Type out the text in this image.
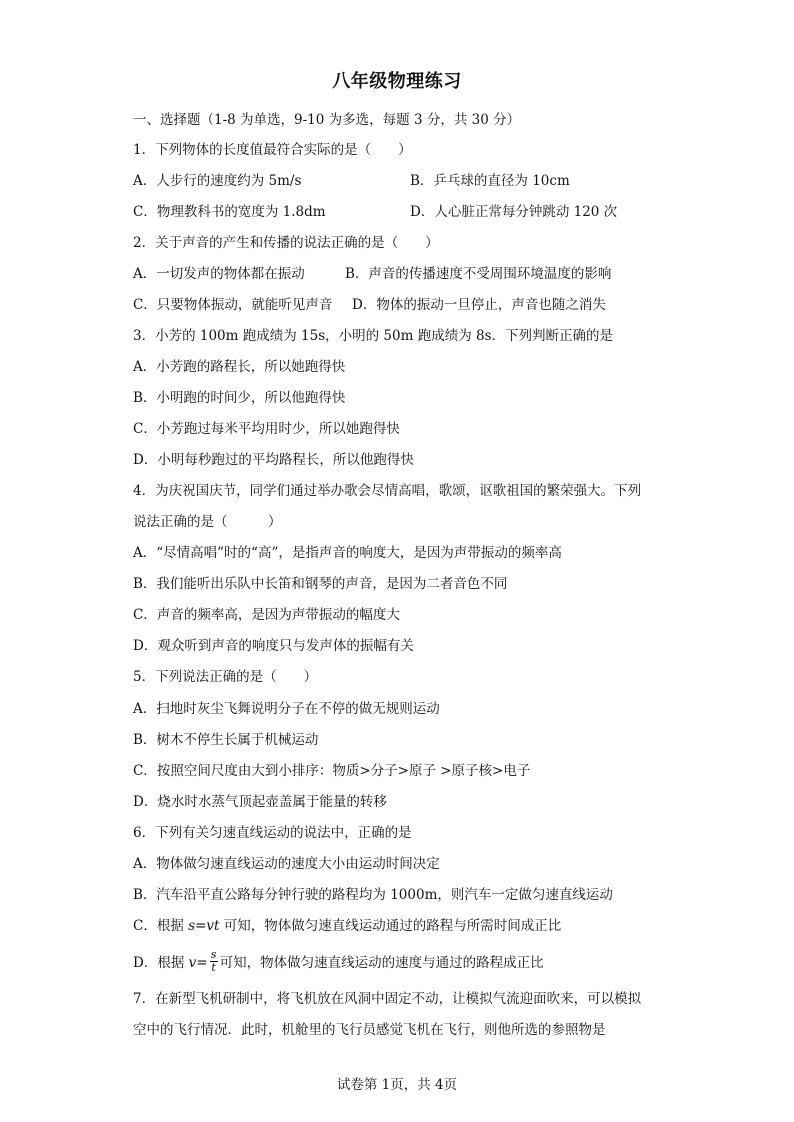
八年级物理练习
一、选择题（1-8 为单选，9-10 为多选，每题 3 分，共 30 分）
1．下列物体的长度值最符合实际的是（　　）
A．人步行的速度约为 5m/s	B．乒乓球的直径为 10cm
C．物理教科书的宽度为 1.8dm	D．人心脏正常每分钟跳动 120 次
2．关于声音的产生和传播的说法正确的是（　　）
A．一切发声的物体都在振动	B．声音的传播速度不受周围环境温度的影响
C．只要物体振动，就能听见声音 D．物体的振动一旦停止，声音也随之消失
3．小芳的 100m 跑成绩为 15s，小明的 50m 跑成绩为 8s．下列判断正确的是
A．小芳跑的路程长，所以她跑得快
B．小明跑的时间少，所以他跑得快
C．小芳跑过每米平均用时少，所以她跑得快
D．小明每秒跑过的平均路程长，所以他跑得快
4．为庆祝国庆节，同学们通过举办歌会尽情高唱，歌颂，讴歌祖国的繁荣强大。下列
说法正确的是（　　　）
A．“尽情高唱”时的“高”，是指声音的响度大，是因为声带振动的频率高
B．我们能听出乐队中长笛和钢琴的声音，是因为二者音色不同
C．声音的频率高，是因为声带振动的幅度大
D．观众听到声音的响度只与发声体的振幅有关
5．下列说法正确的是（　　）
A．扫地时灰尘飞舞说明分子在不停的做无规则运动
B．树木不停生长属于机械运动
C．按照空间尺度由大到小排序：物质>分子>原子 >原子核>电子
D．烧水时水蒸气顶起壶盖属于能量的转移
6．下列有关匀速直线运动的说法中，正确的是
A．物体做匀速直线运动的速度大小由运动时间决定
B．汽车沿平直公路每分钟行驶的路程均为 1000m，则汽车一定做匀速直线运动
C．根据 s=vt 可知，物体做匀速直线运动通过的路程与所需时间成正比
D．根据 $v= \frac{s}{t}$ 可知，物体做匀速直线运动的速度与通过的路程成正比
7．在新型飞机研制中，将飞机放在风洞中固定不动，让模拟气流迎面吹来，可以模拟
空中的飞行情况．此时，机舱里的飞行员感觉飞机在飞行，则他所选的参照物是
试卷第 1页，共 4页
